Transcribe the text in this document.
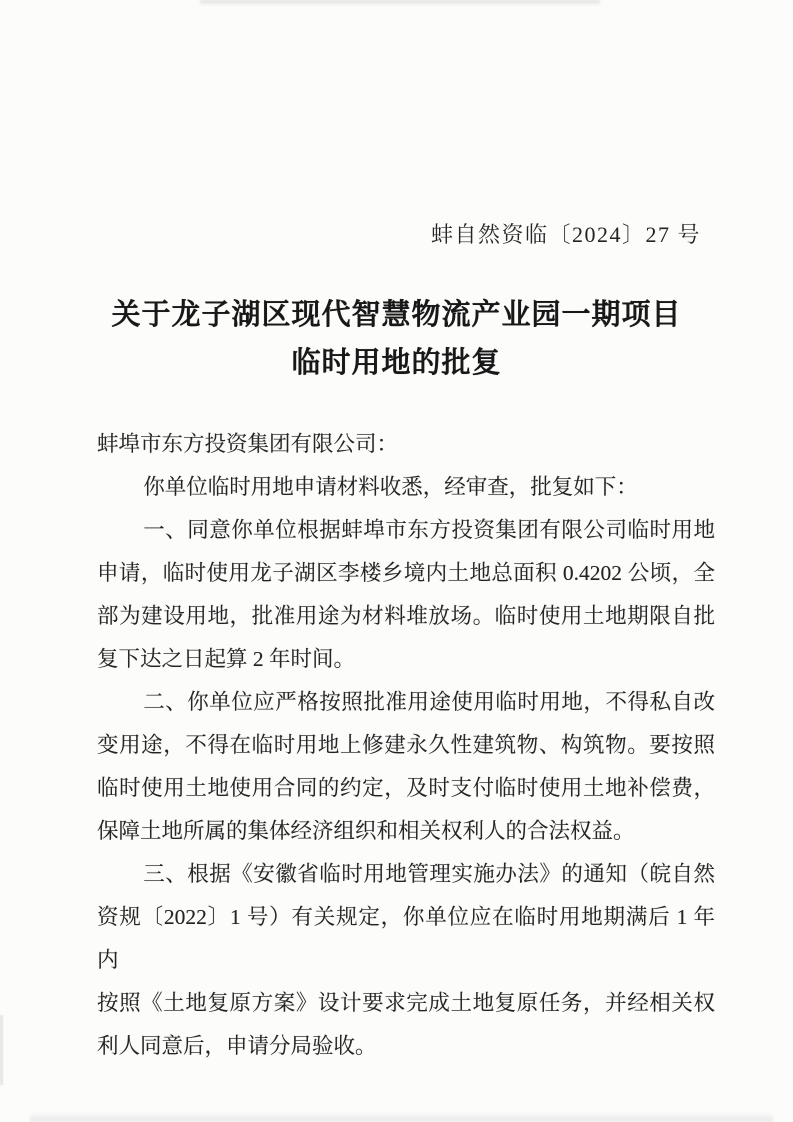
蚌自然资临〔2024〕27 号
关于龙子湖区现代智慧物流产业园一期项目
临时用地的批复
蚌埠市东方投资集团有限公司：
你单位临时用地申请材料收悉，经审查，批复如下：
一、同意你单位根据蚌埠市东方投资集团有限公司临时用地
申请，临时使用龙子湖区李楼乡境内土地总面积 0.4202 公顷，全
部为建设用地，批准用途为材料堆放场。临时使用土地期限自批
复下达之日起算 2 年时间。
二、你单位应严格按照批准用途使用临时用地，不得私自改
变用途，不得在临时用地上修建永久性建筑物、构筑物。要按照
临时使用土地使用合同的约定，及时支付临时使用土地补偿费，
保障土地所属的集体经济组织和相关权利人的合法权益。
三、根据《安徽省临时用地管理实施办法》的通知（皖自然
资规〔2022〕1 号）有关规定，你单位应在临时用地期满后 1 年内
按照《土地复原方案》设计要求完成土地复原任务，并经相关权
利人同意后，申请分局验收。
